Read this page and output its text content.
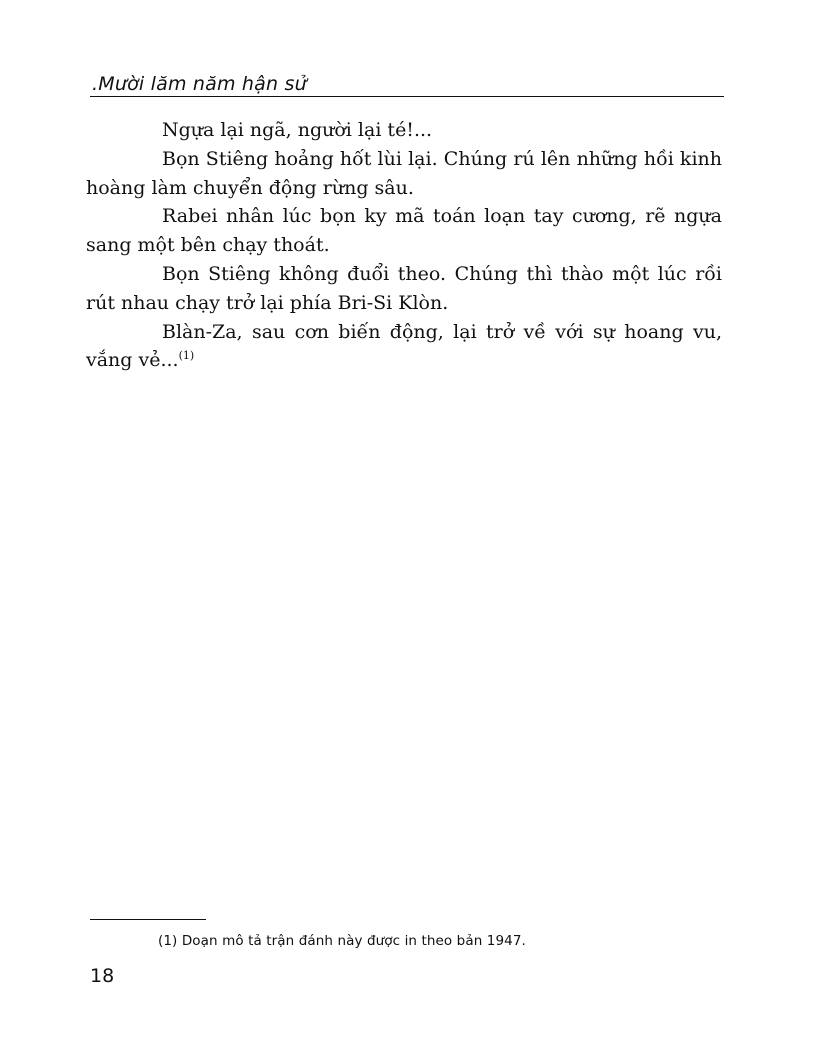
.Mười lăm năm hận sử

Ngựa lại ngã, người lại té!...

Bọn Stiêng hoảng hốt lùi lại. Chúng rú lên những hồi kinh hoàng làm chuyển động rừng sâu.

Rabei nhân lúc bọn ky mã toán loạn tay cương, rẽ ngựa sang một bên chạy thoát.

Bọn Stiêng không đuổi theo. Chúng thì thào một lúc rồi rút nhau chạy trở lại phía Bri-Si Klòn.

Blàn-Za, sau cơn biến động, lại trở về với sự hoang vu, vắng vẻ...$^{(1)}$

(1) Doạn mô tả trận đánh này được in theo bản 1947.
18
